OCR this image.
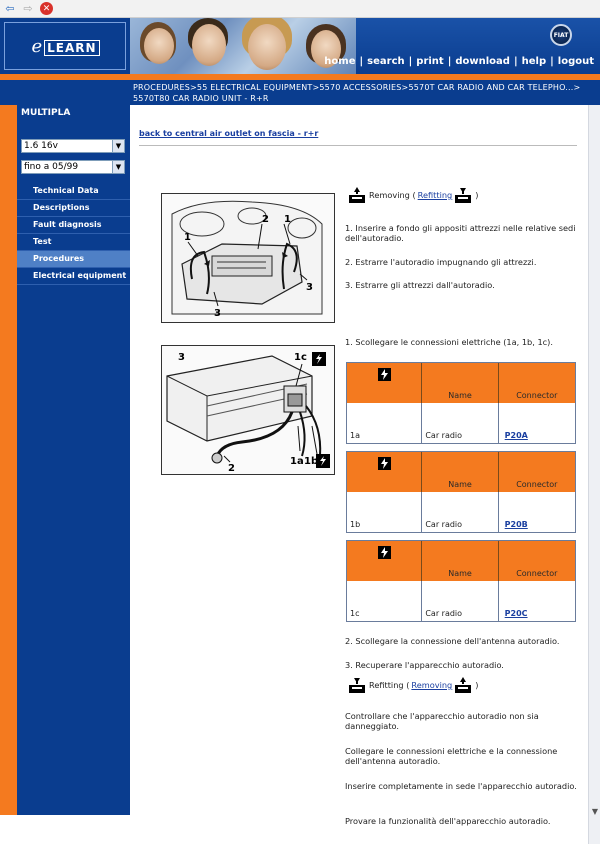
⇦ ⇨	✕
e LEARN
FIAT
home | search | print | download | help | logout
PROCEDURES>55 ELECTRICAL EQUIPMENT>5570 ACCESSORIES>5570T CAR RADIO AND CAR TELEPHO...> 5570T80 CAR RADIO UNIT - R+R
MULTIPLA
1.6 16v	▼
fino a 05/99	▼
Technical Data
Descriptions
Fault diagnosis
Test
Procedures
Electrical equipment
back to central air outlet on fascia - r+r
1
2 1
3
3
Removing ( Refitting	)
1. Inserire a fondo gli appositi attrezzi nelle relative sedi dell'autoradio.
2. Estrarre l'autoradio impugnando gli attrezzi.
3. Estrarre gli attrezzi dall'autoradio.
1. Scollegare le connessioni elettriche (1a, 1b, 1c).
3	1c
2
1a 1b
Name	Connector
1a	Car radio	P20A
Name	Connector
1b	Car radio	P20B
Name	Connector
1c	Car radio	P20C
2. Scollegare la connessione dell'antenna autoradio.
3. Recuperare l'apparecchio autoradio.
Refitting ( Removing	)
Controllare che l'apparecchio autoradio non sia danneggiato.
Collegare le connessioni elettriche e la connessione dell'antenna autoradio.
Inserire completamente in sede l'apparecchio autoradio.
Provare la funzionalità dell'apparecchio autoradio.
▼
